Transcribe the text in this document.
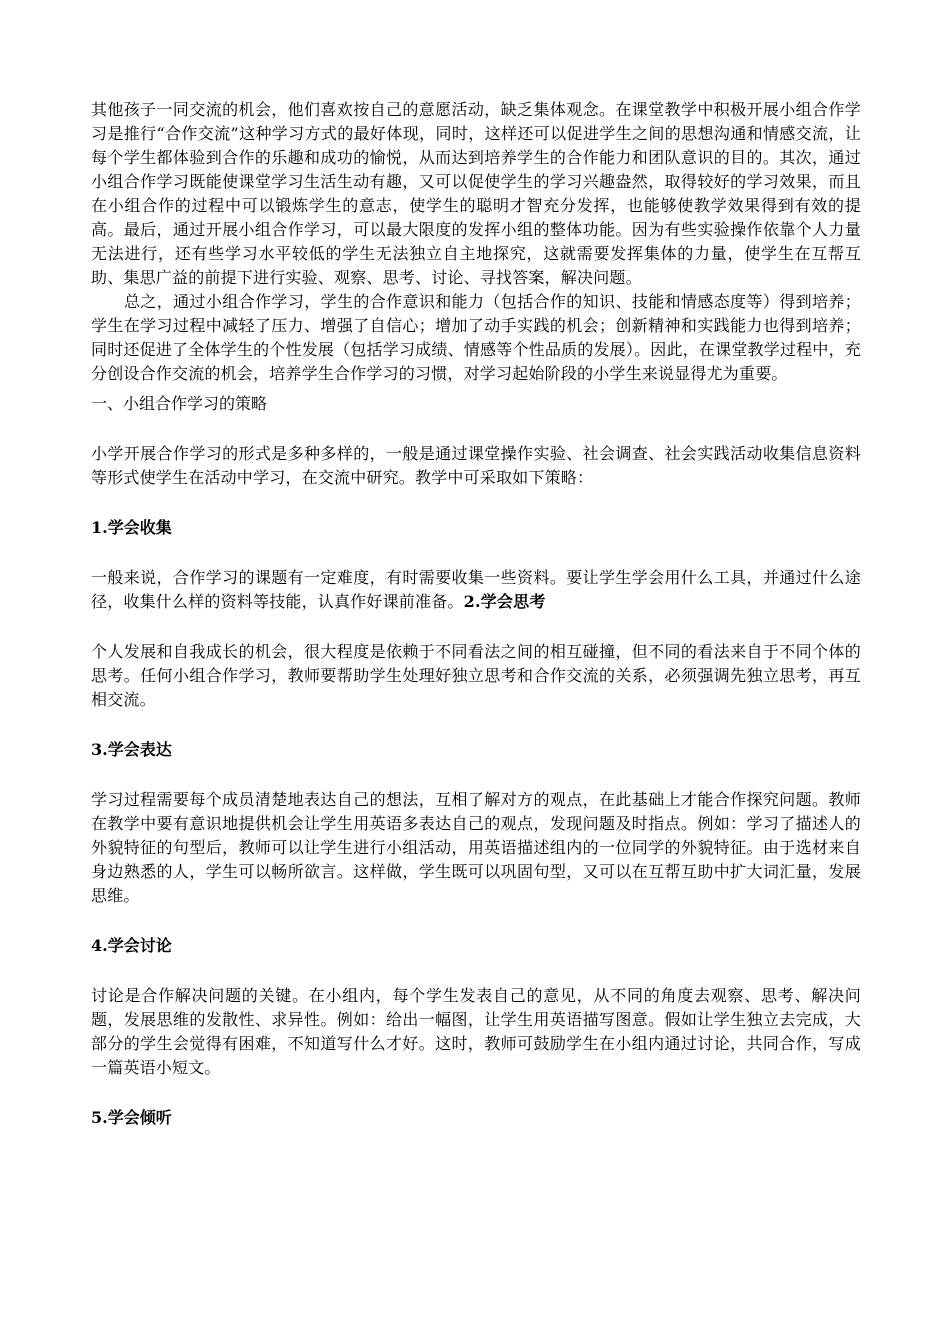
其他孩子一同交流的机会，他们喜欢按自己的意愿活动，缺乏集体观念。在课堂教学中积极开展小组合作学习是推行“合作交流”这种学习方式的最好体现，同时，这样还可以促进学生之间的思想沟通和情感交流，让每个学生都体验到合作的乐趣和成功的愉悦，从而达到培养学生的合作能力和团队意识的目的。其次，通过小组合作学习既能使课堂学习生活生动有趣，又可以促使学生的学习兴趣盎然，取得较好的学习效果，而且在小组合作的过程中可以锻炼学生的意志，使学生的聪明才智充分发挥，也能够使教学效果得到有效的提高。最后，通过开展小组合作学习，可以最大限度的发挥小组的整体功能。因为有些实验操作依靠个人力量无法进行，还有些学习水平较低的学生无法独立自主地探究，这就需要发挥集体的力量，使学生在互帮互助、集思广益的前提下进行实验、观察、思考、讨论、寻找答案，解决问题。

总之，通过小组合作学习，学生的合作意识和能力（包括合作的知识、技能和情感态度等）得到培养；学生在学习过程中减轻了压力、增强了自信心；增加了动手实践的机会；创新精神和实践能力也得到培养；同时还促进了全体学生的个性发展（包括学习成绩、情感等个性品质的发展）。因此，在课堂教学过程中，充分创设合作交流的机会，培养学生合作学习的习惯，对学习起始阶段的小学生来说显得尤为重要。

一、小组合作学习的策略

小学开展合作学习的形式是多种多样的，一般是通过课堂操作实验、社会调查、社会实践活动收集信息资料等形式使学生在活动中学习，在交流中研究。教学中可采取如下策略：

1.学会收集

一般来说，合作学习的课题有一定难度，有时需要收集一些资料。要让学生学会用什么工具，并通过什么途径，收集什么样的资料等技能，认真作好课前准备。2.学会思考

个人发展和自我成长的机会，很大程度是依赖于不同看法之间的相互碰撞，但不同的看法来自于不同个体的思考。任何小组合作学习，教师要帮助学生处理好独立思考和合作交流的关系，必须强调先独立思考，再互相交流。

3.学会表达

学习过程需要每个成员清楚地表达自己的想法，互相了解对方的观点，在此基础上才能合作探究问题。教师在教学中要有意识地提供机会让学生用英语多表达自己的观点，发现问题及时指点。例如：学习了描述人的外貌特征的句型后，教师可以让学生进行小组活动，用英语描述组内的一位同学的外貌特征。由于选材来自身边熟悉的人，学生可以畅所欲言。这样做，学生既可以巩固句型，又可以在互帮互助中扩大词汇量，发展思维。

4.学会讨论

讨论是合作解决问题的关键。在小组内，每个学生发表自己的意见，从不同的角度去观察、思考、解决问题，发展思维的发散性、求异性。例如：给出一幅图，让学生用英语描写图意。假如让学生独立去完成，大部分的学生会觉得有困难，不知道写什么才好。这时，教师可鼓励学生在小组内通过讨论，共同合作，写成一篇英语小短文。

5.学会倾听
